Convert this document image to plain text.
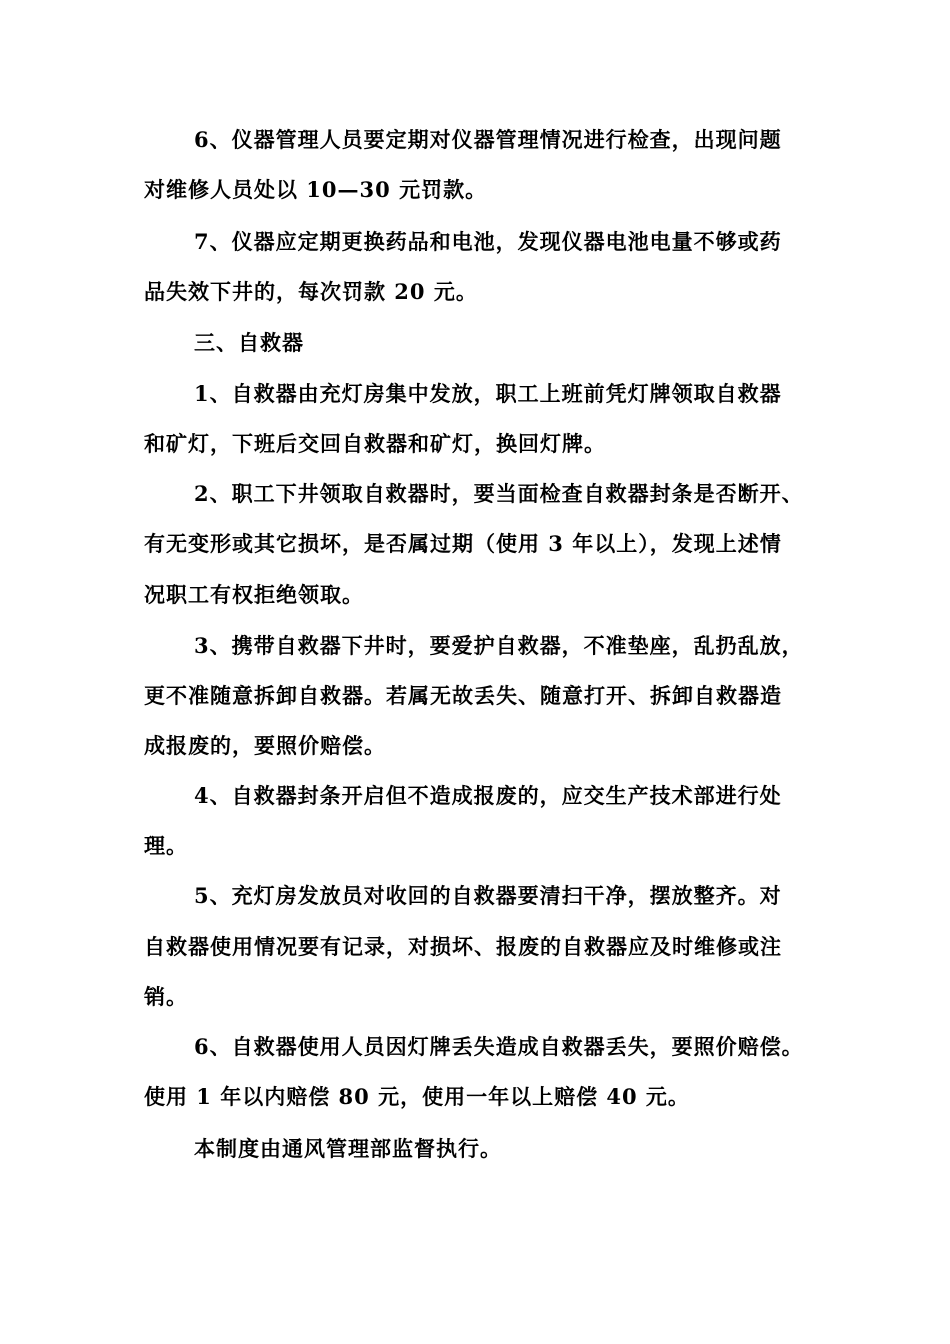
6、仪器管理人员要定期对仪器管理情况进行检查，出现问题
对维修人员处以 10—30 元罚款。
7、仪器应定期更换药品和电池，发现仪器电池电量不够或药
品失效下井的，每次罚款 20 元。
三、自救器
1、自救器由充灯房集中发放，职工上班前凭灯牌领取自救器
和矿灯，下班后交回自救器和矿灯，换回灯牌。
2、职工下井领取自救器时，要当面检查自救器封条是否断开、
有无变形或其它损坏，是否属过期（使用 3 年以上），发现上述情
况职工有权拒绝领取。
3、携带自救器下井时，要爱护自救器，不准垫座，乱扔乱放，
更不准随意拆卸自救器。若属无故丢失、随意打开、拆卸自救器造
成报废的，要照价赔偿。
4、自救器封条开启但不造成报废的，应交生产技术部进行处
理。
5、充灯房发放员对收回的自救器要清扫干净，摆放整齐。对
自救器使用情况要有记录，对损坏、报废的自救器应及时维修或注
销。
6、自救器使用人员因灯牌丢失造成自救器丢失，要照价赔偿。
使用 1 年以内赔偿 80 元，使用一年以上赔偿 40 元。
本制度由通风管理部监督执行。
